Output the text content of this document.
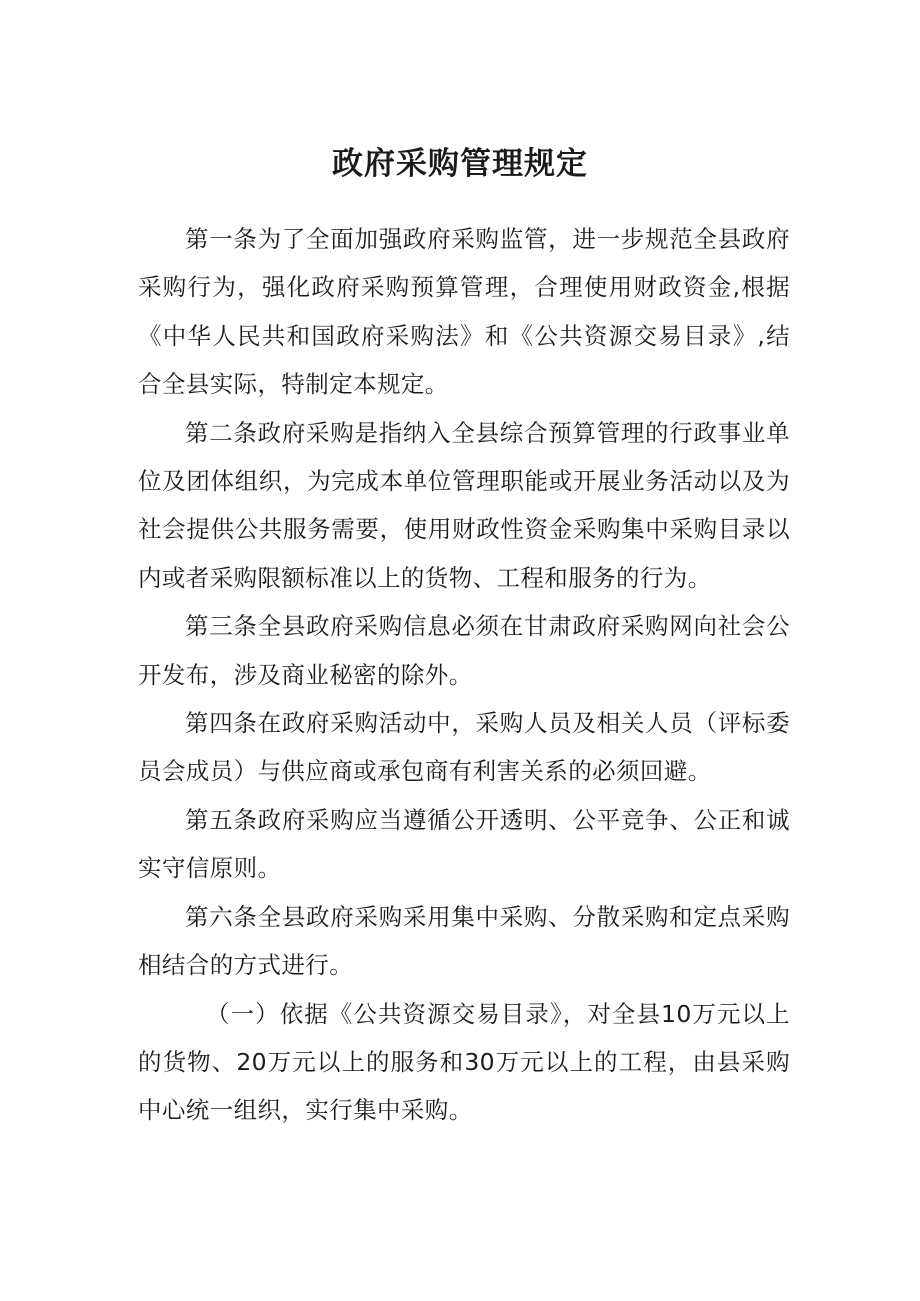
政府采购管理规定

第一条为了全面加强政府采购监管，进一步规范全县政府采购行为，强化政府采购预算管理，合理使用财政资金,根据《中华人民共和国政府采购法》和《公共资源交易目录》,结合全县实际，特制定本规定。

第二条政府采购是指纳入全县综合预算管理的行政事业单位及团体组织，为完成本单位管理职能或开展业务活动以及为社会提供公共服务需要，使用财政性资金采购集中采购目录以内或者采购限额标准以上的货物、工程和服务的行为。

第三条全县政府采购信息必须在甘肃政府采购网向社会公开发布，涉及商业秘密的除外。

第四条在政府采购活动中，采购人员及相关人员（评标委员会成员）与供应商或承包商有利害关系的必须回避。

第五条政府采购应当遵循公开透明、公平竞争、公正和诚实守信原则。

第六条全县政府采购采用集中采购、分散采购和定点采购相结合的方式进行。

（一）依据《公共资源交易目录》，对全县10万元以上的货物、20万元以上的服务和30万元以上的工程，由县采购中心统一组织，实行集中采购。
